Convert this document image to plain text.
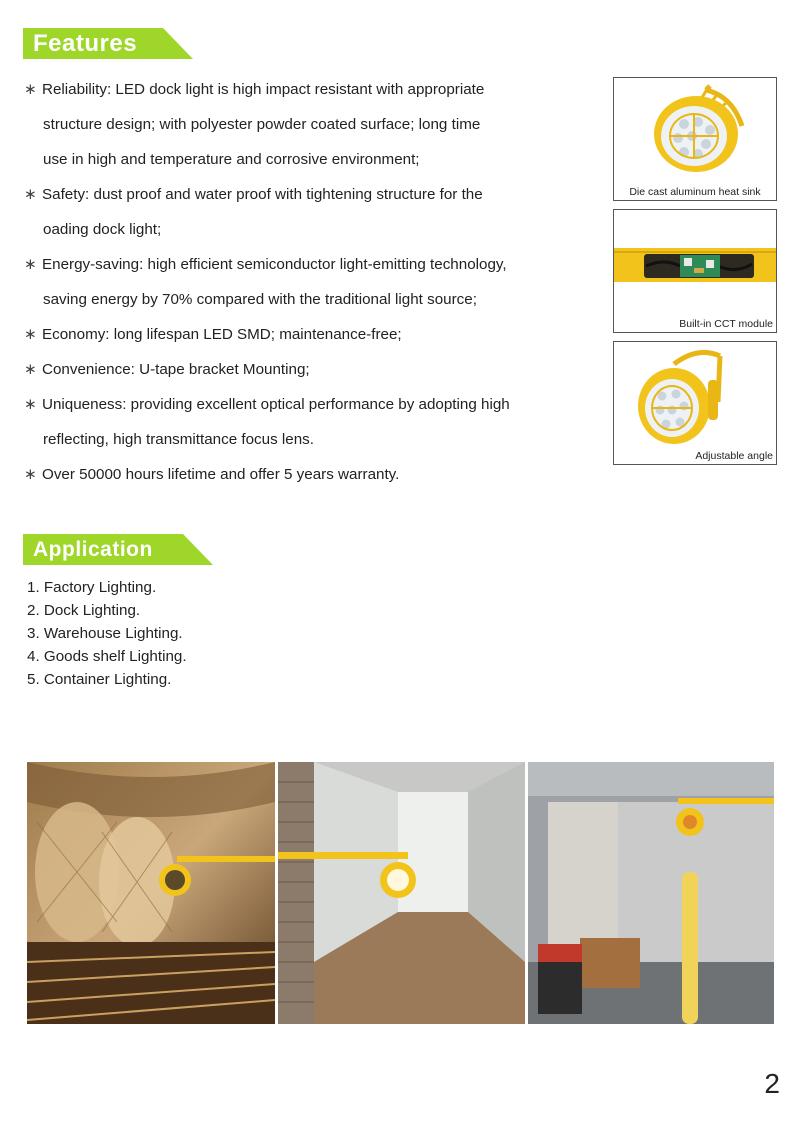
Features
∗ Reliability: LED dock light is high impact resistant with appropriate
structure design; with polyester powder coated surface; long time
use in high and temperature and corrosive environment;
∗ Safety: dust proof and water proof with tightening structure for the
oading dock light;
∗ Energy-saving: high efficient semiconductor light-emitting technology,
saving energy by 70% compared with the traditional light source;
∗ Economy: long lifespan LED SMD; maintenance-free;
∗ Convenience: U-tape bracket Mounting;
∗ Uniqueness: providing excellent optical performance by adopting high
reflecting, high transmittance focus lens.
∗ Over 50000 hours lifetime and offer 5 years warranty.
Die cast aluminum heat sink
Built-in CCT module
Adjustable angle
Application
1. Factory Lighting.
2. Dock Lighting.
3. Warehouse Lighting.
4. Goods shelf Lighting.
5. Container Lighting.
2
